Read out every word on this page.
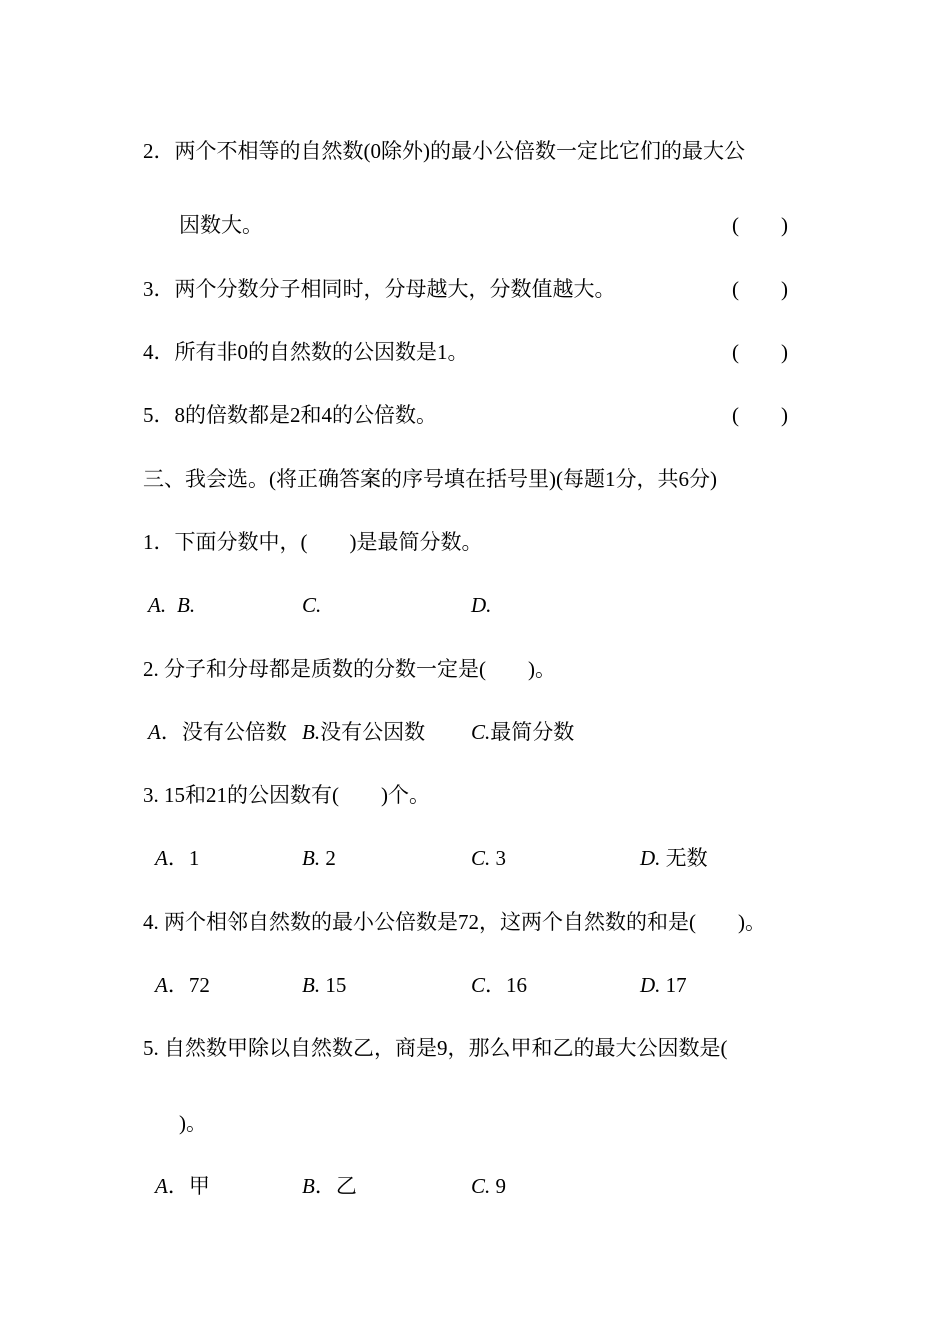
2．两个不相等的自然数(0除外)的最小公倍数一定比它们的最大公
因数大。	(　　)
3．两个分数分子相同时，分母越大，分数值越大。	(　　)
4．所有非0的自然数的公因数是1。	(　　)
5．8的倍数都是2和4的公倍数。	(　　)
三、我会选。(将正确答案的序号填在括号里)(每题1分，共6分)
1．下面分数中，(　　)是最简分数。
A. B.	C.	D.
2. 分子和分母都是质数的分数一定是(　　)。
A．没有公倍数 B.没有公因数 C.最简分数
3. 15和21的公因数有(　　)个。
A．1	B. 2	C. 3	D. 无数
4. 两个相邻自然数的最小公倍数是72，这两个自然数的和是(　　)。
A．72	B. 15	C．16	D. 17
5. 自然数甲除以自然数乙，商是9，那么甲和乙的最大公因数是(
)。
A．甲	B．乙	C. 9
